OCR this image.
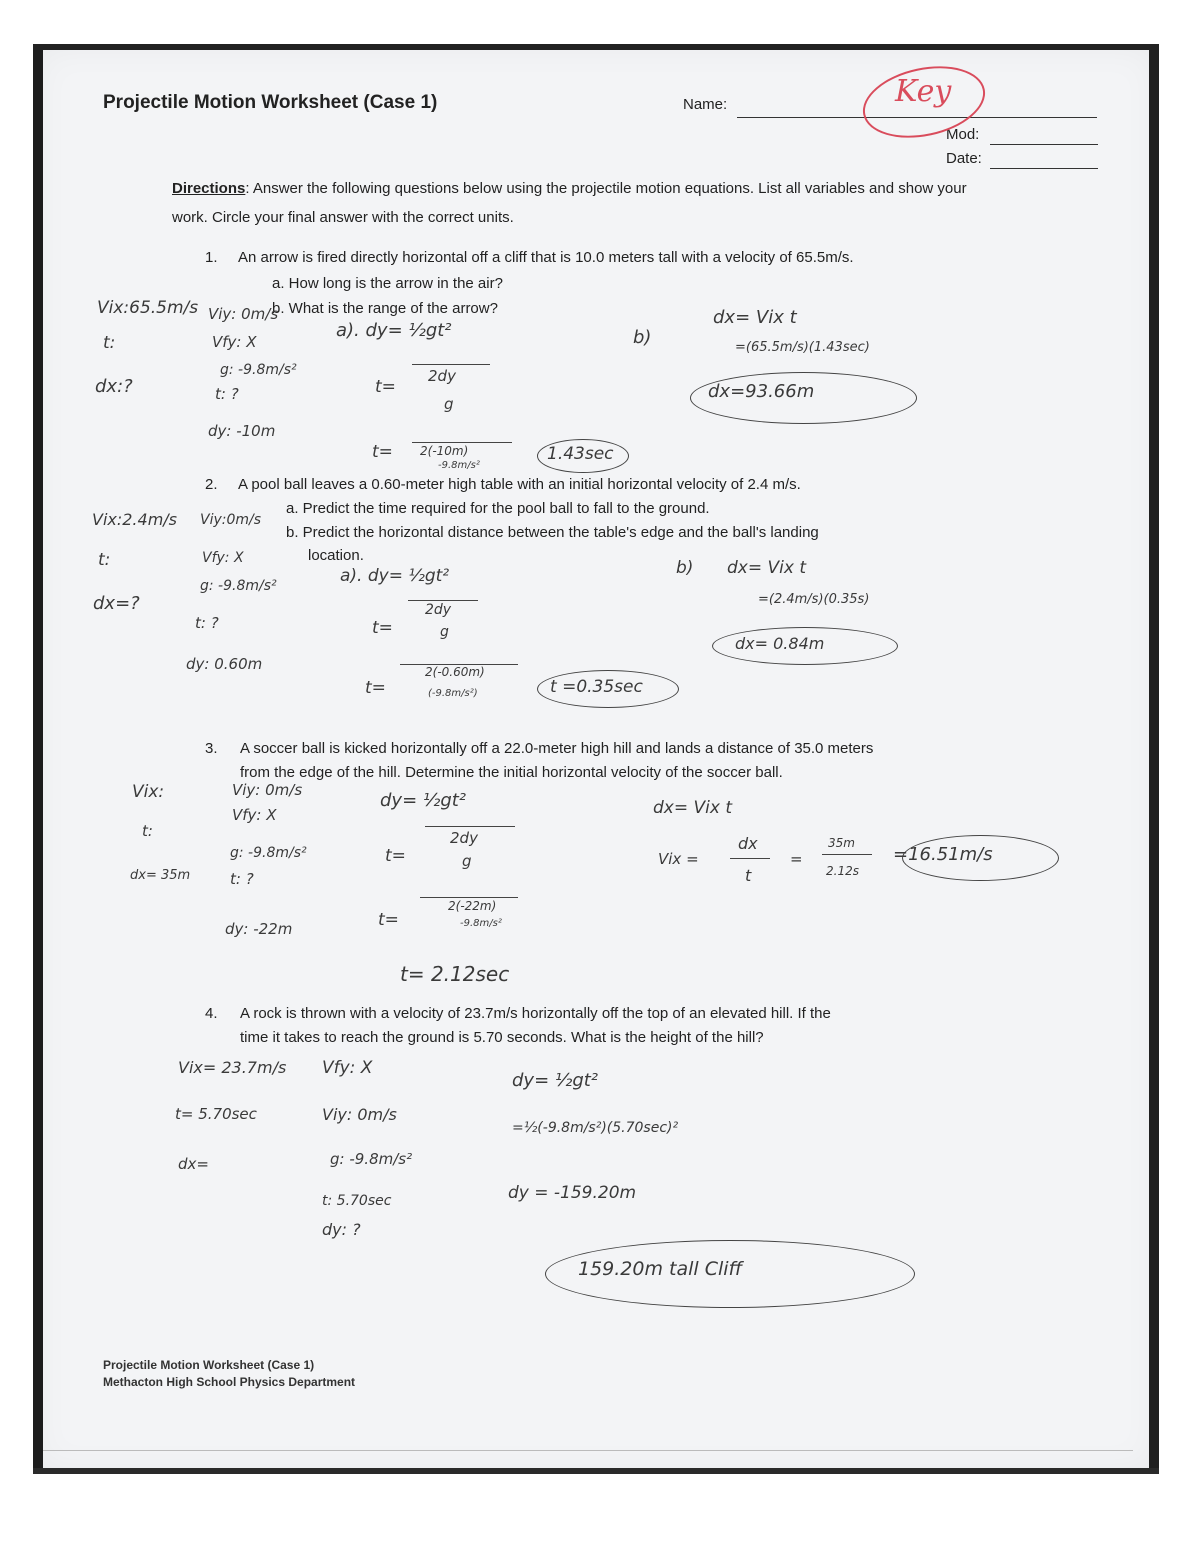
Projectile Motion Worksheet (Case 1)	Name:
Mod:
Date:
Key
Directions: Answer the following questions below using the projectile motion equations. List all variables and show your work. Circle your final answer with the correct units.
1. An arrow is fired directly horizontal off a cliff that is 10.0 meters tall with a velocity of 65.5m/s.
a. How long is the arrow in the air?
b. What is the range of the arrow?
Vix:65.5m/s
t:
dx:?
Viy: 0m/s
Vfy: X
g: -9.8m/s²
t: ?
dy: -10m
a). dy= ½gt²
t=
2dy
g
t= 2(-10m)
-9.8m/s²
1.43sec
b)
dx= Vix t
=(65.5m/s)(1.43sec)
dx=93.66m
2. A pool ball leaves a 0.60-meter high table with an initial horizontal velocity of 2.4 m/s.
a. Predict the time required for the pool ball to fall to the ground.
b. Predict the horizontal distance between the table's edge and the ball's landing
location.
Vix:2.4m/s
t:
dx=?
Viy:0m/s
Vfy: X
g: -9.8m/s²
t: ?
dy: 0.60m
a). dy= ½gt²
t=
2dy
g
t=
2(-0.60m)
(-9.8m/s²)	t =0.35sec
b) dx= Vix t
=(2.4m/s)(0.35s)
dx= 0.84m
3. A soccer ball is kicked horizontally off a 22.0-meter high hill and lands a distance of 35.0 meters
from the edge of the hill. Determine the initial horizontal velocity of the soccer ball.
Vix:
t:
dx= 35m
Viy: 0m/s
Vfy: X
g: -9.8m/s²
t: ?
dy: -22m
dy= ½gt²
t=
2dy
g
t=
2(-22m)
-9.8m/s²
t= 2.12sec
dx= Vix t
Vix =
dx
t
=
35m
2.12s
=16.51m/s
4. A rock is thrown with a velocity of 23.7m/s horizontally off the top of an elevated hill. If the
time it takes to reach the ground is 5.70 seconds. What is the height of the hill?
Vix= 23.7m/s
t= 5.70sec
dx=
Vfy: X
Viy: 0m/s
g: -9.8m/s²
t: 5.70sec
dy: ?
dy= ½gt²
=½(-9.8m/s²)(5.70sec)²
dy = -159.20m
159.20m tall Cliff
Projectile Motion Worksheet (Case 1)
Methacton High School Physics Department
